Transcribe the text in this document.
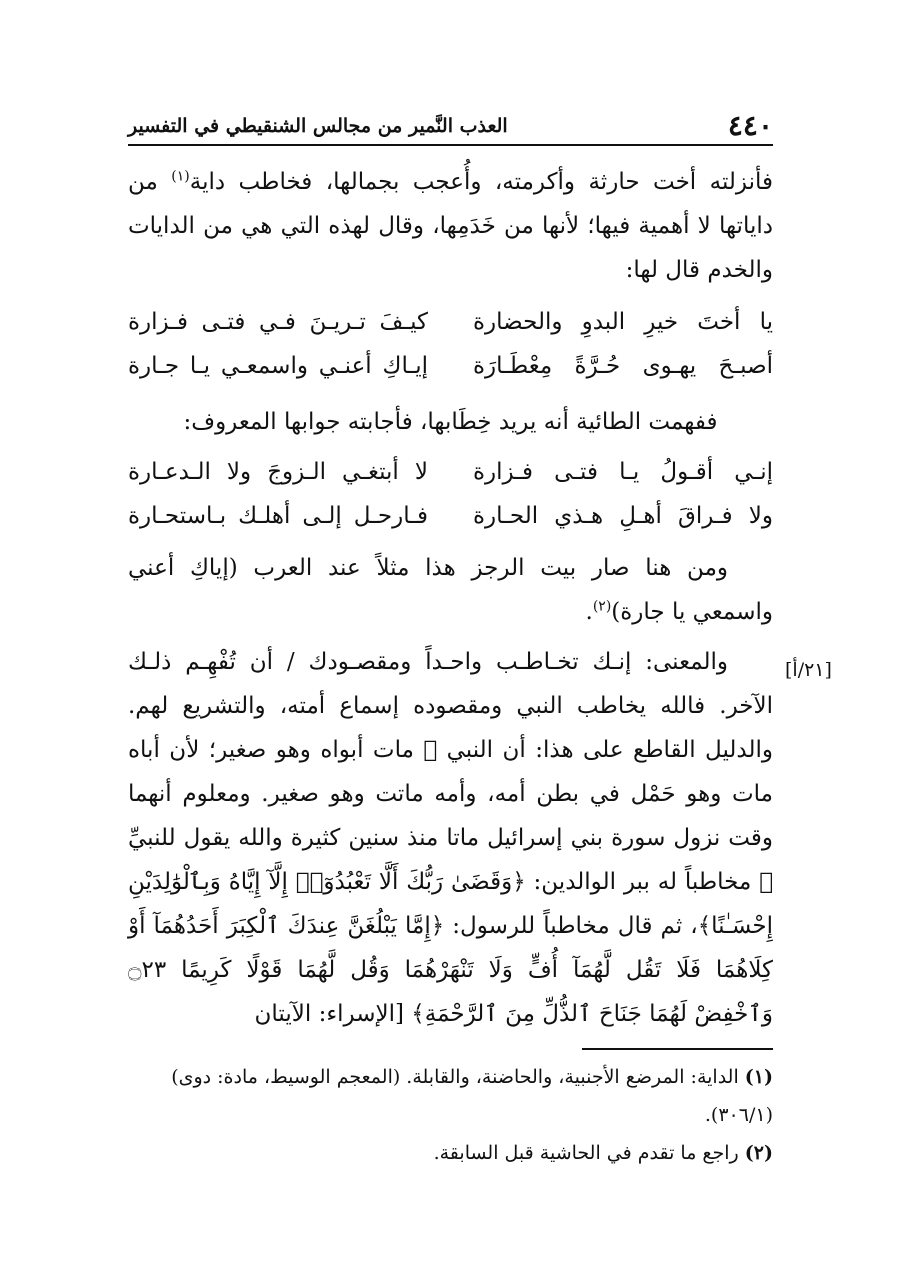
٤٤٠
العذب النَّمير من مجالس الشنقيطي في التفسير
فأنزلته أخت حارثة وأكرمته، وأُعجب بجمالها، فخاطب داية$^{(١)}$ من داياتها لا أهمية فيها؛ لأنها من خَدَمِها، وقال لهذه التي هي من الدايات والخدم قال لها:
يا أختَ خيرِ البدوِ والحضارة
كيـفَ تـريـنَ فـي فتـى فـزارة
أصبـحَ يهـوى حُـرَّةً مِعْطَـارَة
إيـاكِ أعنـي واسمعـي يـا جـارة
ففهمت الطائية أنه يريد خِطَابها، فأجابته جوابها المعروف:
إنـي أقـولُ يـا فتـى فـزارة
لا أبتغـي الـزوجَ ولا الـدعـارة
ولا فـراقَ أهـلِ هـذي الحـارة
فـارحـل إلـى أهلـك بـاستحـارة
ومن هنا صار بيت الرجز هذا مثلاً عند العرب (إياكِ أعني واسمعي يا جارة)$^{(٢)}$.
[٢١/أ]
والمعنى: إنـك تخـاطـب واحـداً ومقصـودك / أن تُفْهِـم ذلـك الآخر. فالله يخاطب النبي ومقصوده إسماع أمته، والتشريع لهم. والدليل القاطع على هذا: أن النبي ﷺ مات أبواه وهو صغير؛ لأن أباه مات وهو حَمْل في بطن أمه، وأمه ماتت وهو صغير. ومعلوم أنهما وقت نزول سورة بني إسرائيل ماتا منذ سنين كثيرة والله يقول للنبيِّ ﷺ مخاطباً له ببر الوالدين: ﴿وَقَضَىٰ رَبُّكَ أَلَّا تَعْبُدُوٓا۟ إِلَّآ إِيَّاهُ وَبِٱلْوَٰلِدَيْنِ إِحْسَـٰنًا﴾، ثم قال مخاطباً للرسول: ﴿إِمَّا يَبْلُغَنَّ عِندَكَ ٱلْكِبَرَ أَحَدُهُمَآ أَوْ كِلَاهُمَا فَلَا تَقُل لَّهُمَآ أُفٍّ وَلَا تَنْهَرْهُمَا وَقُل لَّهُمَا قَوْلًا كَرِيمًا ۝٢٣ وَٱخْفِضْ لَهُمَا جَنَاحَ ٱلذُّلِّ مِنَ ٱلرَّحْمَةِ﴾ [الإسراء: الآيتان
(١) الداية: المرضع الأجنبية، والحاضنة، والقابلة. (المعجم الوسيط، مادة: دوى) (٣٠٦/١).
(٢) راجع ما تقدم في الحاشية قبل السابقة.
